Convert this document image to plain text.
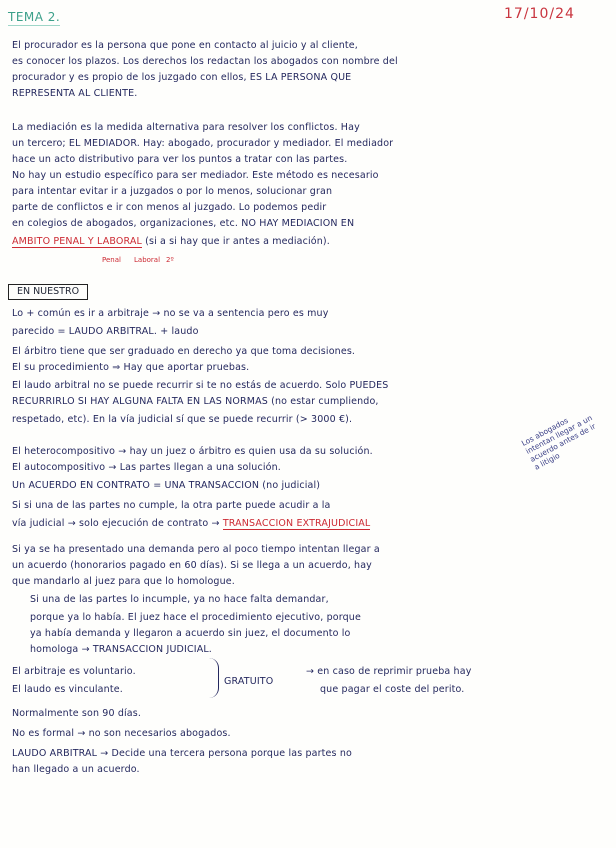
TEMA 2.	17/10/24
El procurador es la persona que pone en contacto al juicio y al cliente,
es conocer los plazos. Los derechos los redactan los abogados con nombre del
procurador y es propio de los juzgado con ellos, ES LA PERSONA QUE
REPRESENTA AL CLIENTE.
La mediación es la medida alternativa para resolver los conflictos. Hay
un tercero; EL MEDIADOR. Hay: abogado, procurador y mediador. El mediador
hace un acto distributivo para ver los puntos a tratar con las partes.
No hay un estudio específico para ser mediador. Este método es necesario
para intentar evitar ir a juzgados o por lo menos, solucionar gran
parte de conflictos e ir con menos al juzgado. Lo podemos pedir
en colegios de abogados, organizaciones, etc. NO HAY MEDIACIÓN EN
ÁMBITO PENAL Y LABORAL (si a si hay que ir antes a mediación).
Penal Laboral 2º
EN NUESTRO
Lo + común es ir a arbitraje → no se va a sentencia pero es muy
parecido = LAUDO ARBITRAL. + laudo
El árbitro tiene que ser graduado en derecho ya que toma decisiones.
El su procedimiento ⇒ Hay que aportar pruebas.
El laudo arbitral no se puede recurrir si te no estás de acuerdo. Solo PUEDES
RECURRIRLO SI HAY ALGUNA FALTA EN LAS NORMAS (no estar cumpliendo,
respetado, etc). En la vía judicial sí que se puede recurrir (> 3000 €).
El heterocompositivo → hay un juez o árbitro es quien usa da su solución.
El autocompositivo → Las partes llegan a una solución.
Un ACUERDO EN CONTRATO = UNA TRANSACCIÓN (no judicial)
Si si una de las partes no cumple, la otra parte puede acudir a la
vía judicial → solo ejecución de contrato → TRANSACCIÓN EXTRAJUDICIAL
Los abogados intentan llegar a un acuerdo antes de ir a litigio
Si ya se ha presentado una demanda pero al poco tiempo intentan llegar a
un acuerdo (honorarios pagado en 60 días). Si se llega a un acuerdo, hay
que mandarlo al juez para que lo homologue.
Si una de las partes lo incumple, ya no hace falta demandar,
porque ya lo había. El juez hace el procedimiento ejecutivo, porque
ya había demanda y llegaron a acuerdo sin juez, el documento lo
homologa → TRANSACCIÓN JUDICIAL.
El arbitraje es voluntario.
El laudo es vinculante.
GRATUITO
→ en caso de reprimir prueba hay
que pagar el coste del perito.
Normalmente son 90 días.
No es formal → no son necesarios abogados.
LAUDO ARBITRAL → Decide una tercera persona porque las partes no
han llegado a un acuerdo.
